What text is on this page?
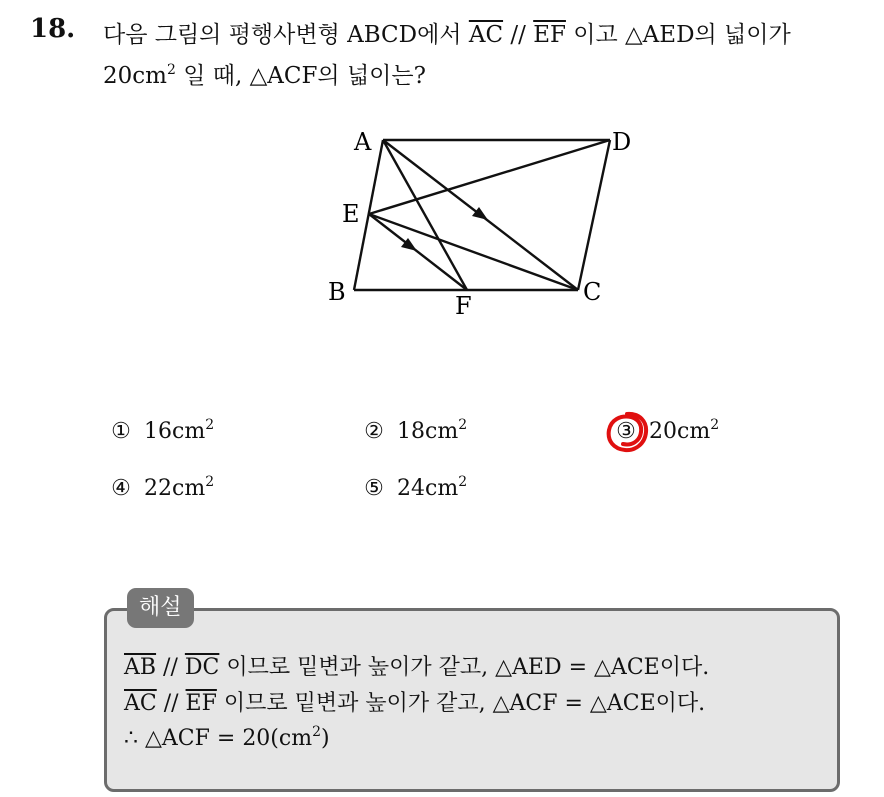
18. 다음 그림의 평행사변형 ABCD에서 $\overline{AC} // \overline{EF}$ 이고 △AED의 넓이가
$20cm^2$ 일 때, △ACF의 넓이는?
A	D
E
B	C
F
① $16cm^2$	② $18cm^2$	③ $20cm^2$
④ $22cm^2$	⑤ $24cm^2$
해설
$\overline{AB} // \overline{DC}$ 이므로 밑변과 높이가 같고, △AED = △ACE이다.
$\overline{AC} // \overline{EF}$ 이므로 밑변과 높이가 같고, △ACF = △ACE이다.
∴ △ACF = $20(cm^2)$
